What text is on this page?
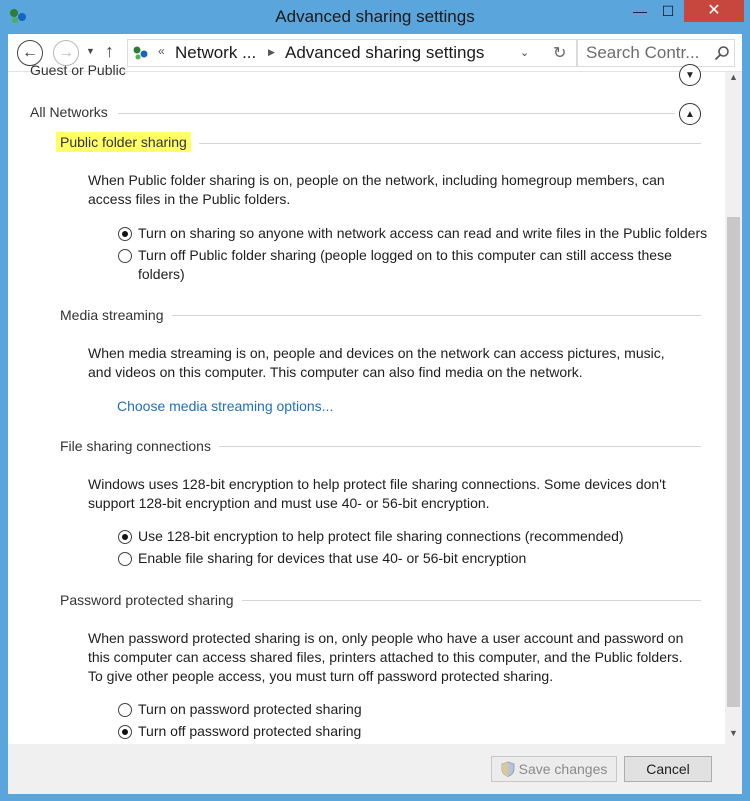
Advanced sharing settings	—	☐	✕
←	→	▼ ↑	« Network ... ▶ Advanced sharing settings	⌄ ↻ Search Contr...
Guest or Public	▼
All Networks	▲
Public folder sharing
When Public folder sharing is on, people on the network, including homegroup members, can access files in the Public folders.
Turn on sharing so anyone with network access can read and write files in the Public folders
Turn off Public folder sharing (people logged on to this computer can still access these folders)
Media streaming
When media streaming is on, people and devices on the network can access pictures, music, and videos on this computer. This computer can also find media on the network.
Choose media streaming options...
File sharing connections
Windows uses 128-bit encryption to help protect file sharing connections. Some devices don't support 128-bit encryption and must use 40- or 56-bit encryption.
Use 128-bit encryption to help protect file sharing connections (recommended)
Enable file sharing for devices that use 40- or 56-bit encryption
Password protected sharing
When password protected sharing is on, only people who have a user account and password on this computer can access shared files, printers attached to this computer, and the Public folders. To give other people access, you must turn off password protected sharing.
Turn on password protected sharing
Turn off password protected sharing
▲
▼
Save changes	Cancel
